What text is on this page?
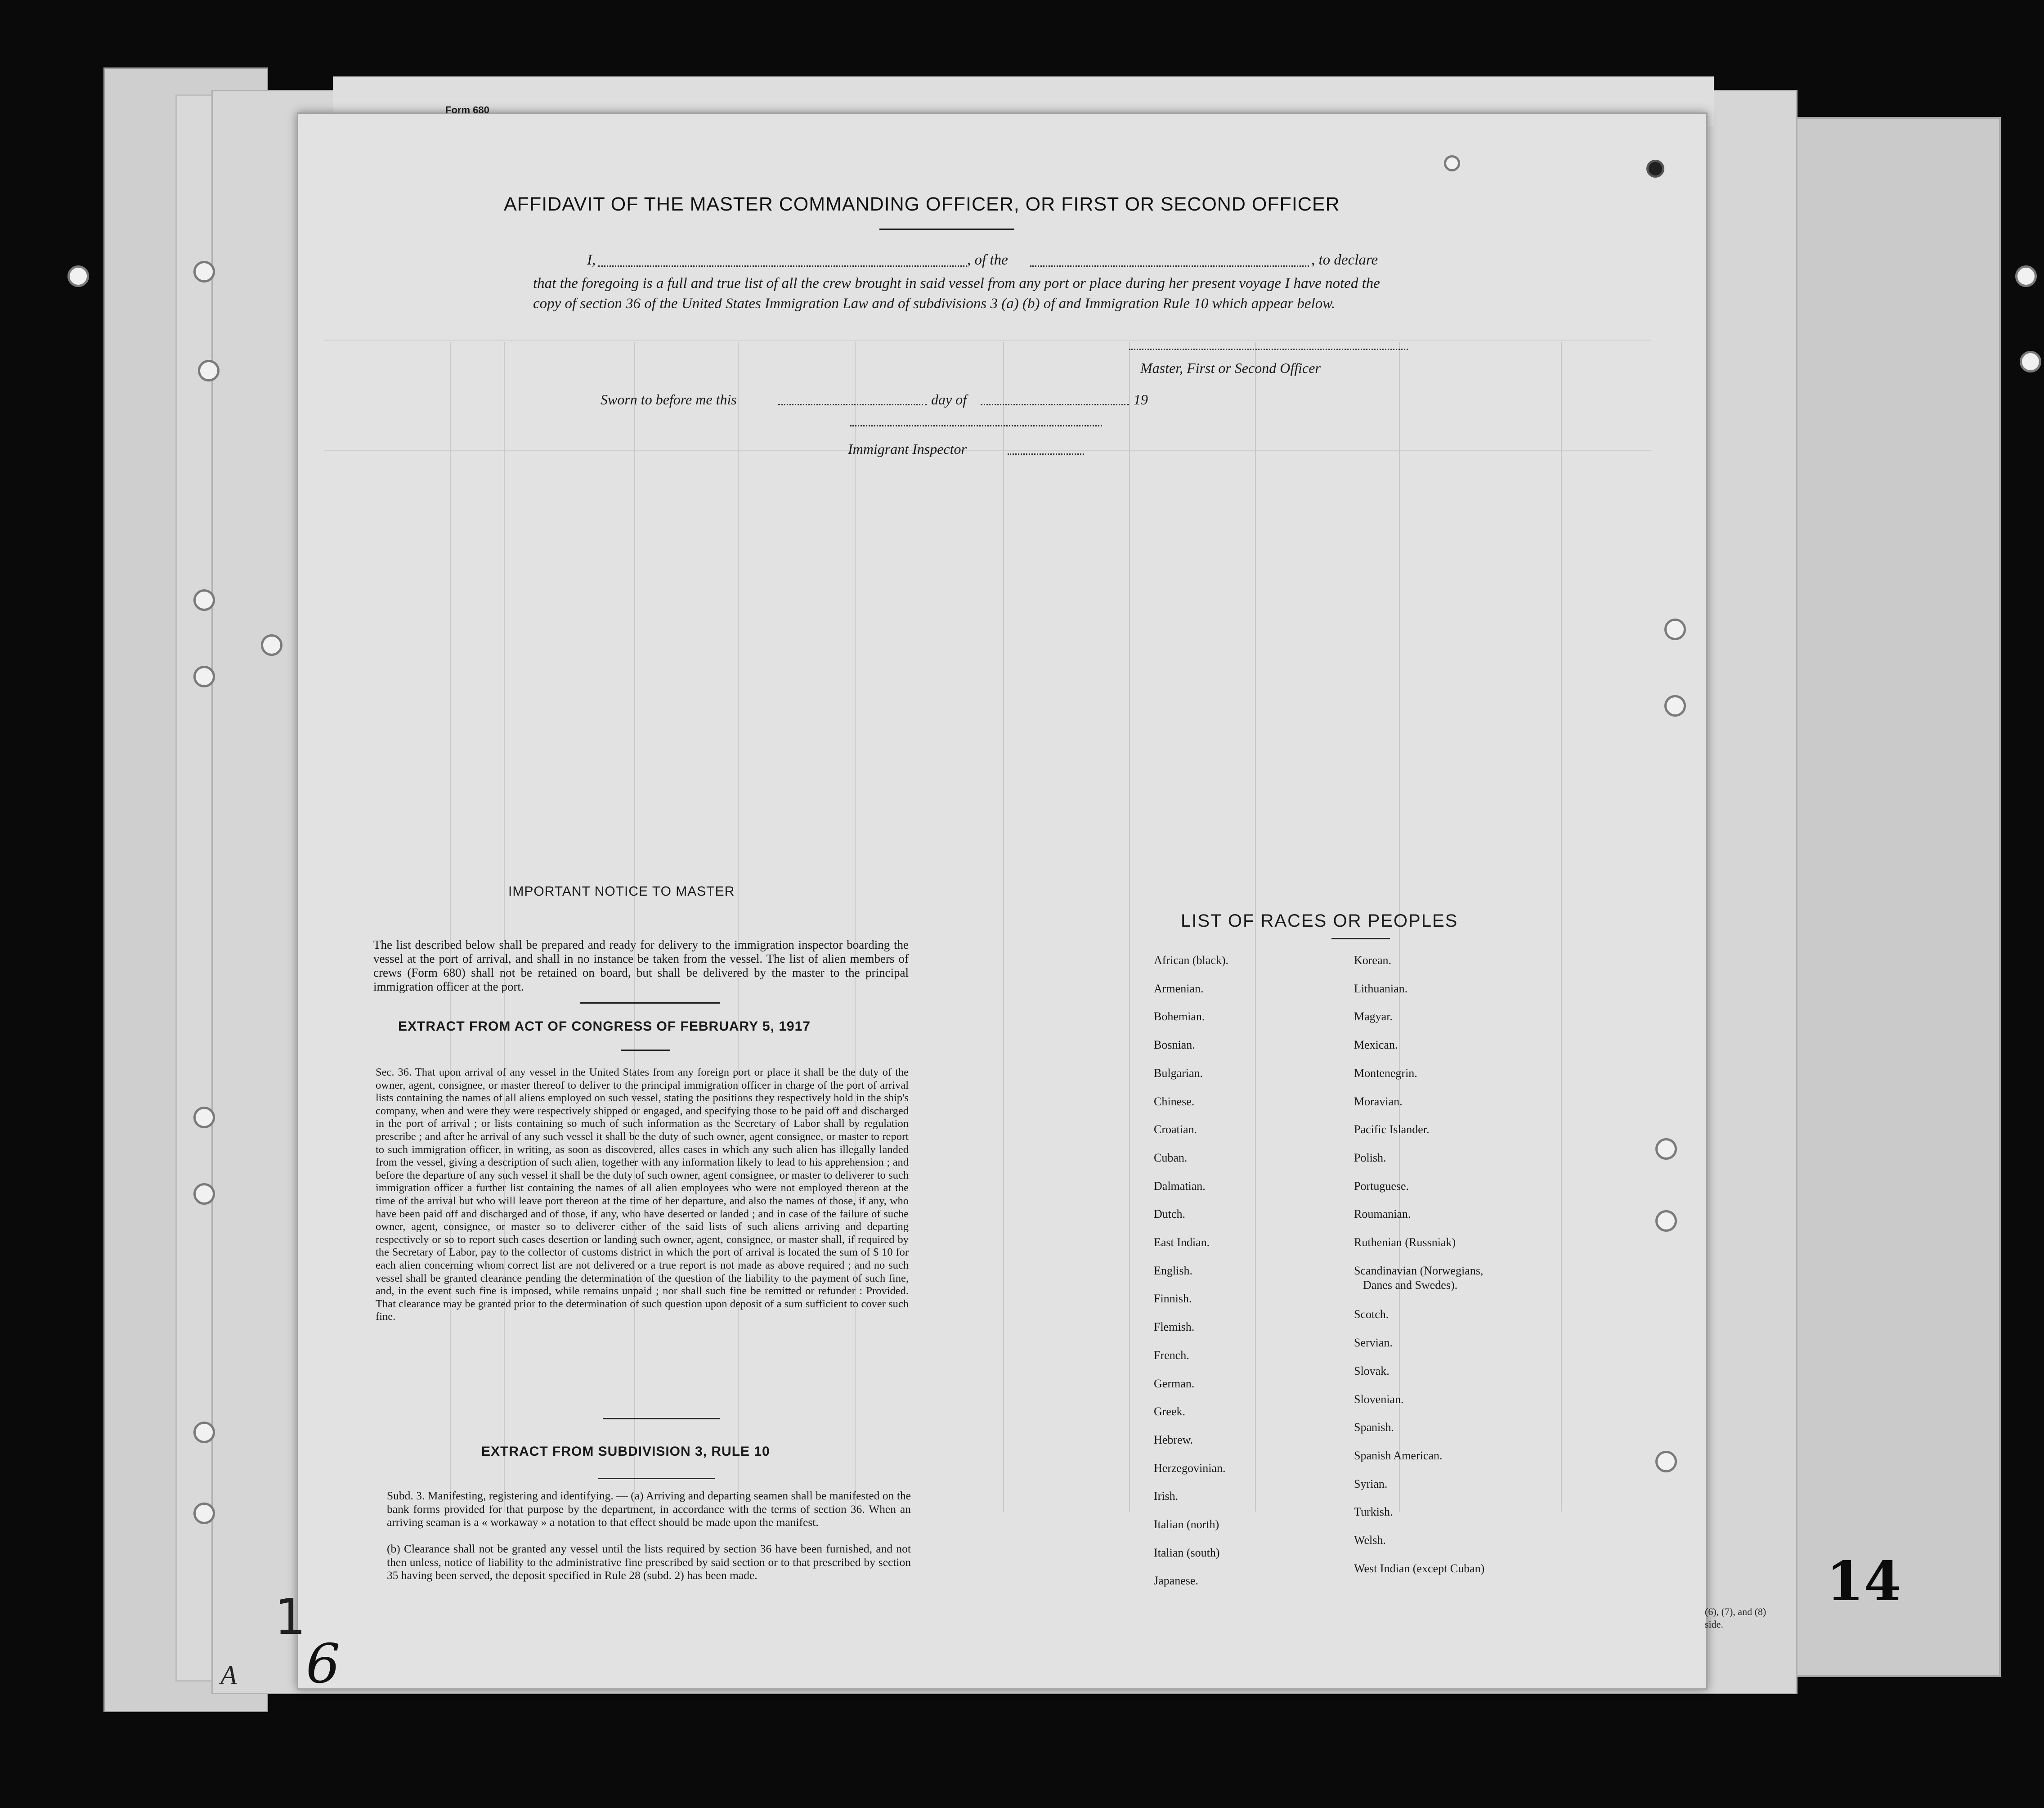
Form 680
AFFIDAVIT OF THE MASTER COMMANDING OFFICER, OR FIRST OR SECOND OFFICER
I,	, of the	, to declare
that the foregoing is a full and true list of all the crew brought in said vessel from any port or place during her present voyage I have noted the copy of section 36 of the United States Immigration Law and of subdivisions 3 (a) (b) of and Immigration Rule 10 which appear below.
Master, First or Second Officer
Sworn to before me this	day of	19
Immigrant Inspector
IMPORTANT NOTICE TO MASTER
The list described below shall be prepared and ready for delivery to the immigration inspector boarding the vessel at the port of arrival, and shall in no instance be taken from the vessel. The list of alien members of crews (Form 680) shall not be retained on board, but shall be delivered by the master to the principal immigration officer at the port.
EXTRACT FROM ACT OF CONGRESS OF FEBRUARY 5, 1917
Sec. 36. That upon arrival of any vessel in the United States from any foreign port or place it shall be the duty of the owner, agent, consignee, or master thereof to deliver to the principal immigration officer in charge of the port of arrival lists containing the names of all aliens employed on such vessel, stating the positions they respectively hold in the ship's company, when and were they were respectively shipped or engaged, and specifying those to be paid off and discharged in the port of arrival ; or lists containing so much of such information as the Secretary of Labor shall by regulation prescribe ; and after he arrival of any such vessel it shall be the duty of such owner, agent consignee, or master to report to such immigration officer, in writing, as soon as discovered, alles cases in which any such alien has illegally landed from the vessel, giving a description of such alien, together with any information likely to lead to his apprehension ; and before the departure of any such vessel it shall be the duty of such owner, agent consignee, or master to deliverer to such immigration officer a further list containing the names of all alien employees who were not employed thereon at the time of the arrival but who will leave port thereon at the time of her departure, and also the names of those, if any, who have been paid off and discharged and of those, if any, who have deserted or landed ; and in case of the failure of suche owner, agent, consignee, or master so to deliverer either of the said lists of such aliens arriving and departing respectively or so to report such cases desertion or landing such owner, agent, consignee, or master shall, if required by the Secretary of Labor, pay to the collector of customs district in which the port of arrival is located the sum of $ 10 for each alien concerning whom correct list are not delivered or a true report is not made as above required ; and no such vessel shall be granted clearance pending the determination of the question of the liability to the payment of such fine, and, in the event such fine is imposed, while remains unpaid ; nor shall such fine be remitted or refunder : Provided. That clearance may be granted prior to the determination of such question upon deposit of a sum sufficient to cover such fine.
EXTRACT FROM SUBDIVISION 3, RULE 10
Subd. 3. Manifesting, registering and identifying. — (a) Arriving and departing seamen shall be manifested on the bank forms provided for that purpose by the department, in accordance with the terms of section 36. When an arriving seaman is a « workaway » a notation to that effect should be made upon the manifest.
(b) Clearance shall not be granted any vessel until the lists required by section 36 have been furnished, and not then unless, notice of liability to the administrative fine prescribed by said section or to that prescribed by section 35 having been served, the deposit specified in Rule 28 (subd. 2) has been made.
LIST OF RACES OR PEOPLES
African (black).
Armenian.
Bohemian.
Bosnian.
Bulgarian.
Chinese.
Croatian.
Cuban.
Dalmatian.
Dutch.
East Indian.
English.
Finnish.
Flemish.
French.
German.
Greek.
Hebrew.
Herzegovinian.
Irish.
Italian (north)
Italian (south)
Japanese.
Korean.
Lithuanian.
Magyar.
Mexican.
Montenegrin.
Moravian.
Pacific Islander.
Polish.
Portuguese.
Roumanian.
Ruthenian (Russniak)
Scandinavian (Norwegians,
Danes and Swedes).
Scotch.
Servian.
Slovak.
Slovenian.
Spanish.
Spanish American.
Syrian.
Turkish.
Welsh.
West Indian (except Cuban)	14
1
6
A
(6), (7), and (8)
side.
